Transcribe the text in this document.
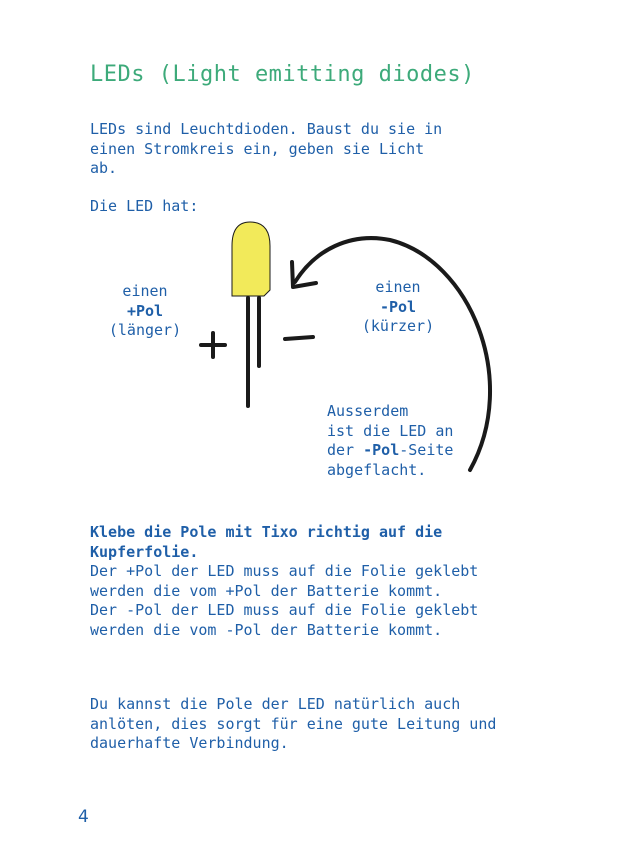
LEDs (Light emitting diodes)
LEDs sind Leuchtdioden. Baust du sie in
einen Stromkreis ein, geben sie Licht
ab.
Die LED hat:
einen
+Pol
(länger)
einen
-Pol
(kürzer)
Ausserdem
ist die LED an
der -Pol-Seite
abgeflacht.
Klebe die Pole mit Tixo richtig auf die Kupferfolie.
Der +Pol der LED muss auf die Folie geklebt werden die vom +Pol der Batterie kommt.
Der -Pol der LED muss auf die Folie geklebt werden die vom -Pol der Batterie kommt.
Du kannst die Pole der LED natürlich auch anlöten, dies sorgt für eine gute Leitung und dauerhafte Verbindung.
4
